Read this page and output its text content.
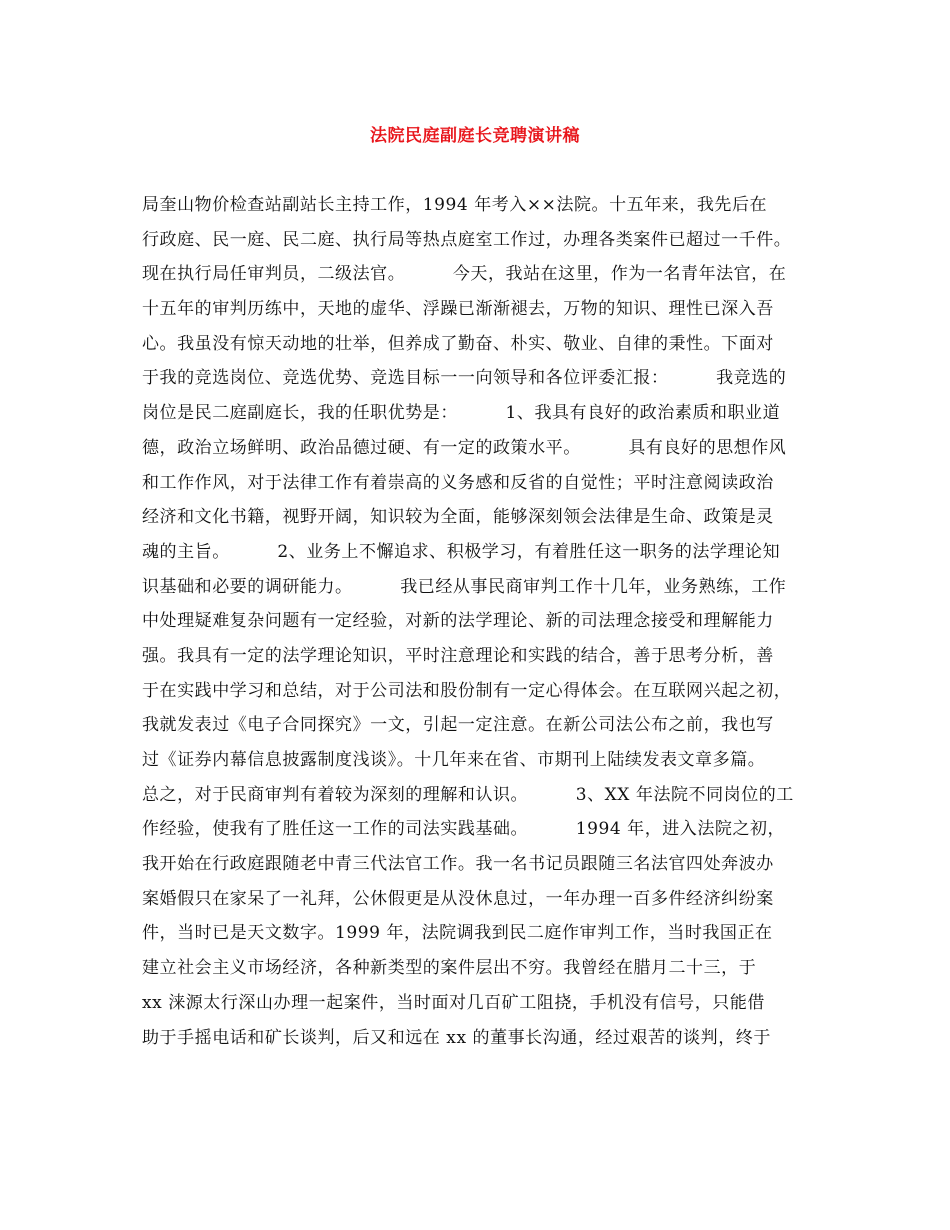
法院民庭副庭长竞聘演讲稿
局奎山物价检查站副站长主持工作，1994 年考入××法院。十五年来，我先后在
行政庭、民一庭、民二庭、执行局等热点庭室工作过，办理各类案件已超过一千件。
现在执行局任审判员，二级法官。        今天，我站在这里，作为一名青年法官，在
十五年的审判历练中，天地的虚华、浮躁已渐渐褪去，万物的知识、理性已深入吾
心。我虽没有惊天动地的壮举，但养成了勤奋、朴实、敬业、自律的秉性。下面对
于我的竞选岗位、竞选优势、竞选目标一一向领导和各位评委汇报：        我竞选的
岗位是民二庭副庭长，我的任职优势是：        1、我具有良好的政治素质和职业道
德，政治立场鲜明、政治品德过硬、有一定的政策水平。        具有良好的思想作风
和工作作风，对于法律工作有着崇高的义务感和反省的自觉性；平时注意阅读政治
经济和文化书籍，视野开阔，知识较为全面，能够深刻领会法律是生命、政策是灵
魂的主旨。        2、业务上不懈追求、积极学习，有着胜任这一职务的法学理论知
识基础和必要的调研能力。        我已经从事民商审判工作十几年，业务熟练，工作
中处理疑难复杂问题有一定经验，对新的法学理论、新的司法理念接受和理解能力
强。我具有一定的法学理论知识，平时注意理论和实践的结合，善于思考分析，善
于在实践中学习和总结，对于公司法和股份制有一定心得体会。在互联网兴起之初，
我就发表过《电子合同探究》一文，引起一定注意。在新公司法公布之前，我也写
过《证券内幕信息披露制度浅谈》。十几年来在省、市期刊上陆续发表文章多篇。
总之，对于民商审判有着较为深刻的理解和认识。        3、XX 年法院不同岗位的工
作经验，使我有了胜任这一工作的司法实践基础。        1994 年，进入法院之初，
我开始在行政庭跟随老中青三代法官工作。我一名书记员跟随三名法官四处奔波办
案婚假只在家呆了一礼拜，公休假更是从没休息过，一年办理一百多件经济纠纷案
件，当时已是天文数字。1999 年，法院调我到民二庭作审判工作，当时我国正在
建立社会主义市场经济，各种新类型的案件层出不穷。我曾经在腊月二十三，于
xx 涞源太行深山办理一起案件，当时面对几百矿工阻挠，手机没有信号，只能借
助于手摇电话和矿长谈判，后又和远在 xx 的董事长沟通，经过艰苦的谈判，终于
